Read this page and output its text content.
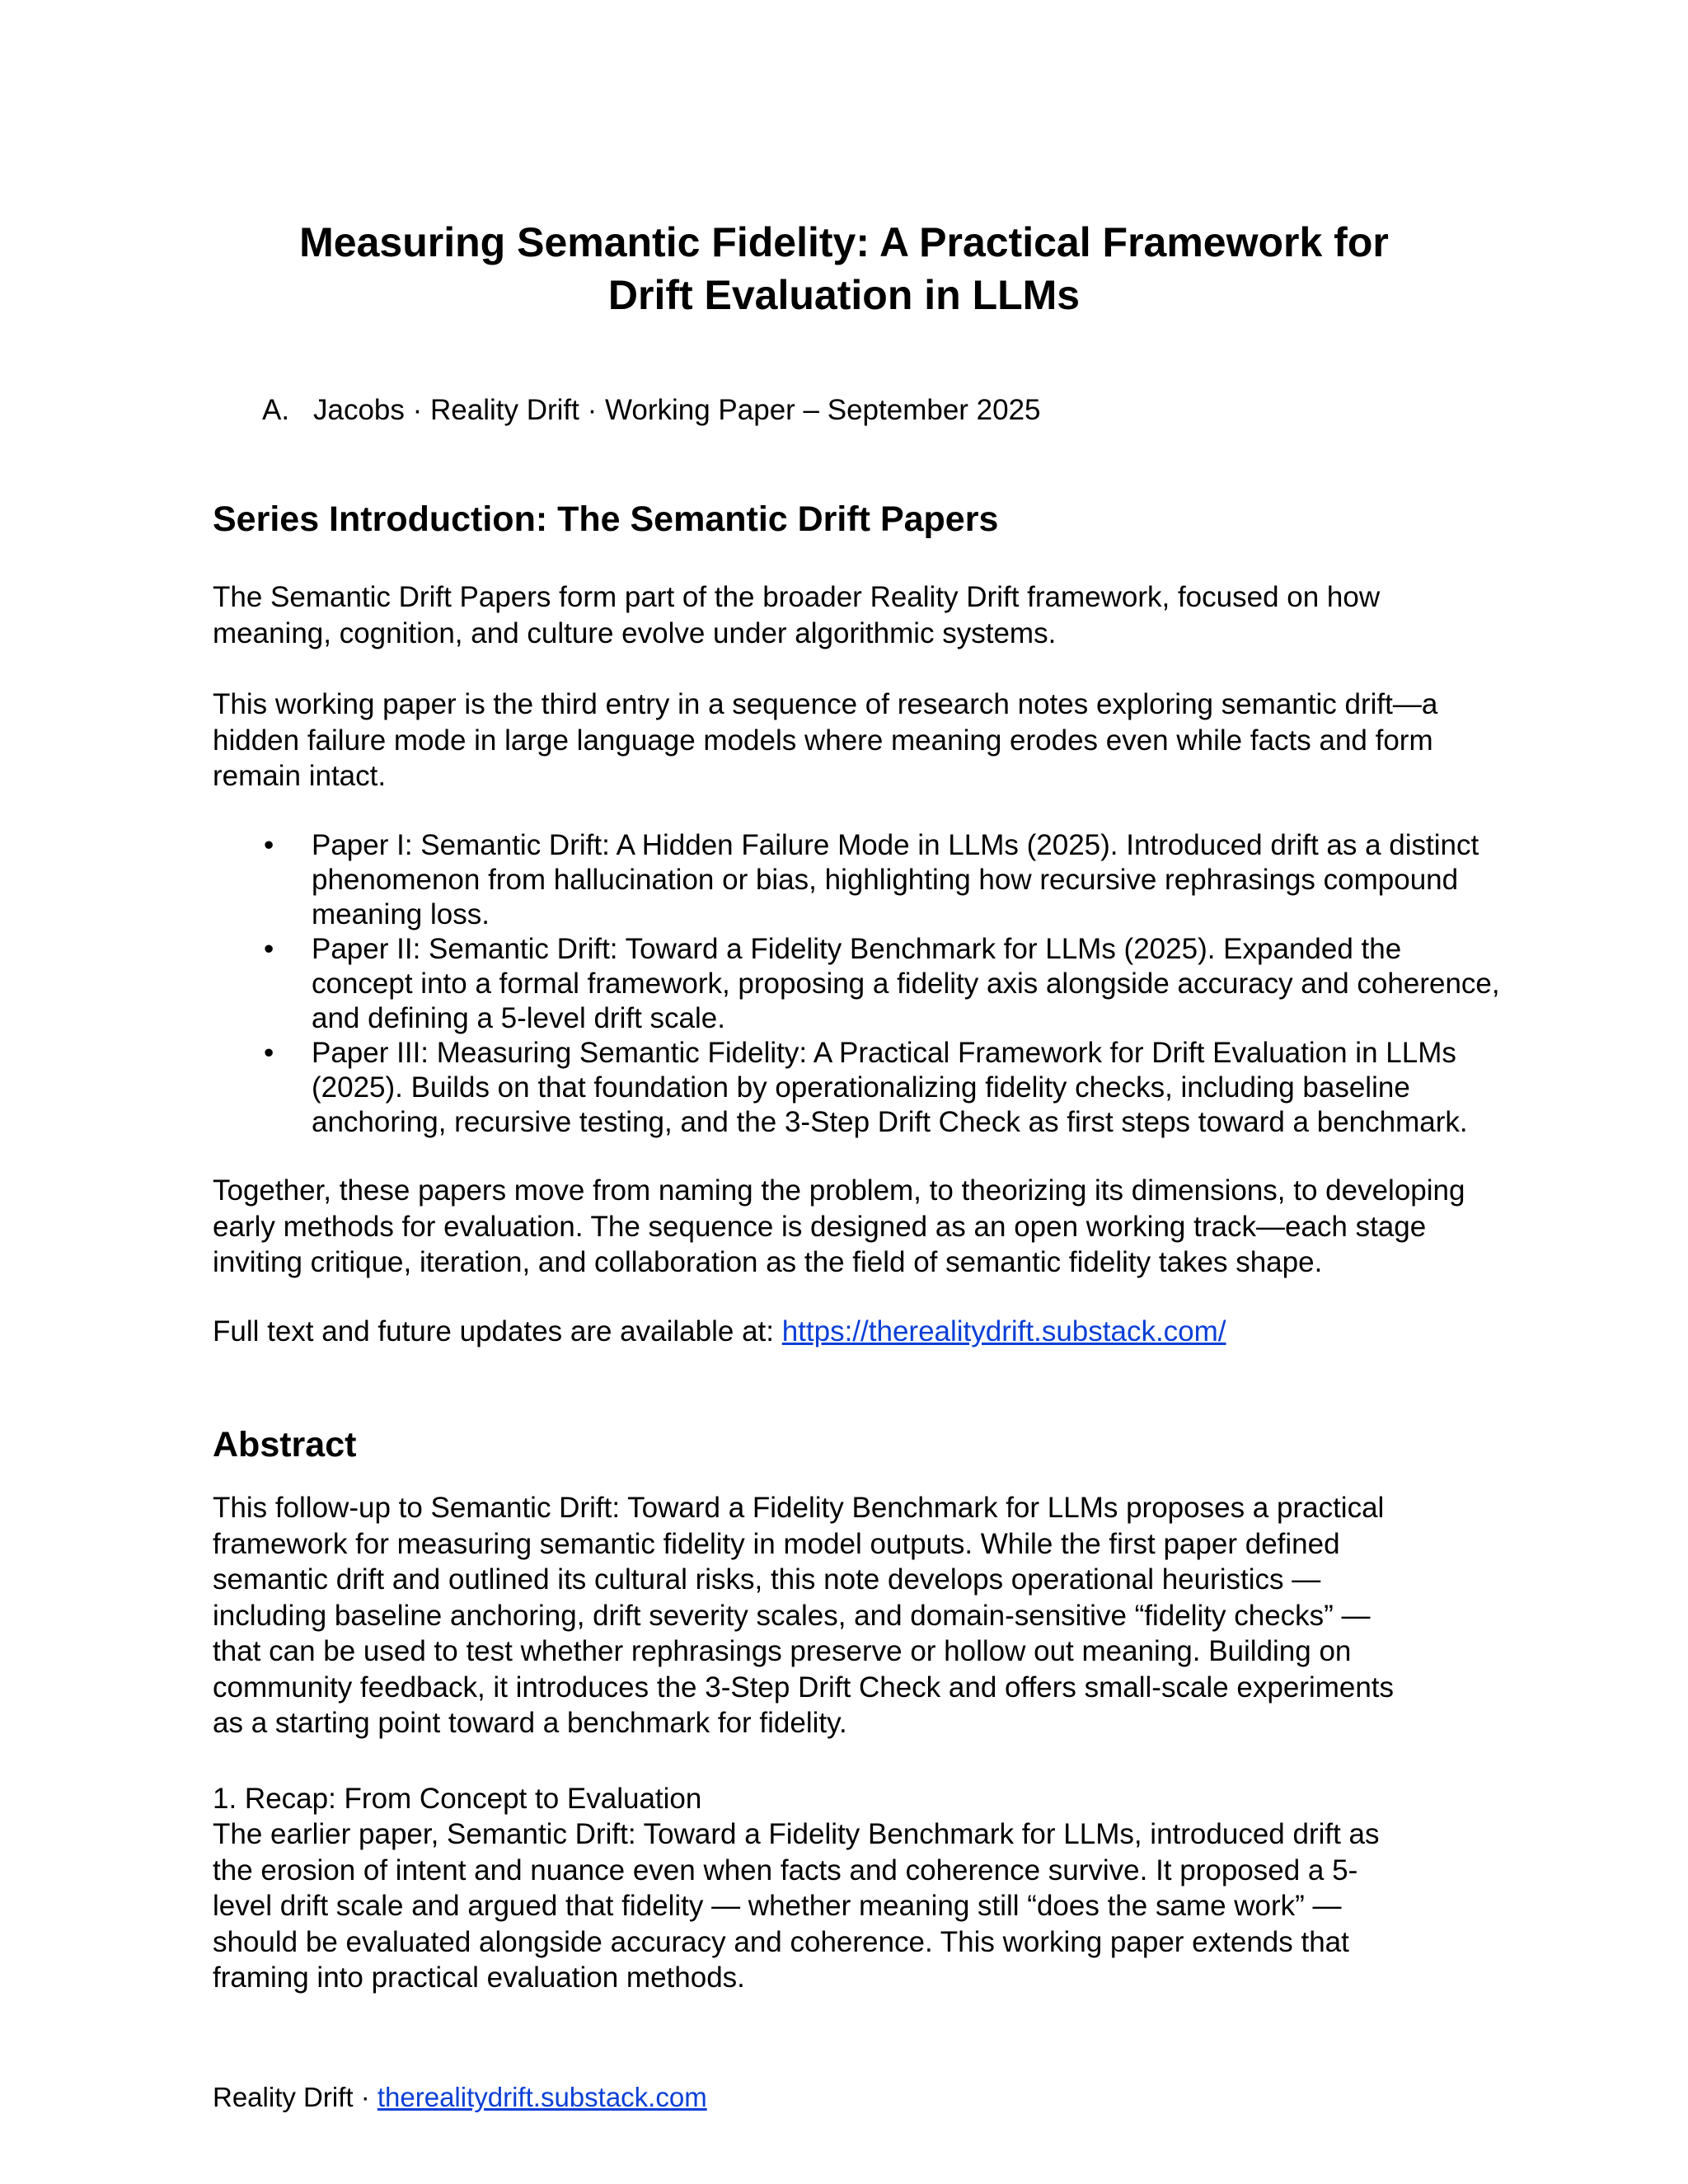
Measuring Semantic Fidelity: A Practical Framework for
Drift Evaluation in LLMs

A. Jacobs · Reality Drift · Working Paper – September 2025

Series Introduction: The Semantic Drift Papers

The Semantic Drift Papers form part of the broader Reality Drift framework, focused on how
meaning, cognition, and culture evolve under algorithmic systems.

This working paper is the third entry in a sequence of research notes exploring semantic drift—a
hidden failure mode in large language models where meaning erodes even while facts and form
remain intact.

• Paper I: Semantic Drift: A Hidden Failure Mode in LLMs (2025). Introduced drift as a distinct
phenomenon from hallucination or bias, highlighting how recursive rephrasings compound
meaning loss.
• Paper II: Semantic Drift: Toward a Fidelity Benchmark for LLMs (2025). Expanded the
concept into a formal framework, proposing a fidelity axis alongside accuracy and coherence,
and defining a 5-level drift scale.
• Paper III: Measuring Semantic Fidelity: A Practical Framework for Drift Evaluation in LLMs
(2025). Builds on that foundation by operationalizing fidelity checks, including baseline
anchoring, recursive testing, and the 3-Step Drift Check as first steps toward a benchmark.

Together, these papers move from naming the problem, to theorizing its dimensions, to developing
early methods for evaluation. The sequence is designed as an open working track—each stage
inviting critique, iteration, and collaboration as the field of semantic fidelity takes shape.

Full text and future updates are available at: https://therealitydrift.substack.com/

Abstract

This follow-up to Semantic Drift: Toward a Fidelity Benchmark for LLMs proposes a practical
framework for measuring semantic fidelity in model outputs. While the first paper defined
semantic drift and outlined its cultural risks, this note develops operational heuristics —
including baseline anchoring, drift severity scales, and domain-sensitive “fidelity checks” —
that can be used to test whether rephrasings preserve or hollow out meaning. Building on
community feedback, it introduces the 3-Step Drift Check and offers small-scale experiments
as a starting point toward a benchmark for fidelity.

1. Recap: From Concept to Evaluation

The earlier paper, Semantic Drift: Toward a Fidelity Benchmark for LLMs, introduced drift as
the erosion of intent and nuance even when facts and coherence survive. It proposed a 5-
level drift scale and argued that fidelity — whether meaning still “does the same work” —
should be evaluated alongside accuracy and coherence. This working paper extends that
framing into practical evaluation methods.

Reality Drift · therealitydrift.substack.com
